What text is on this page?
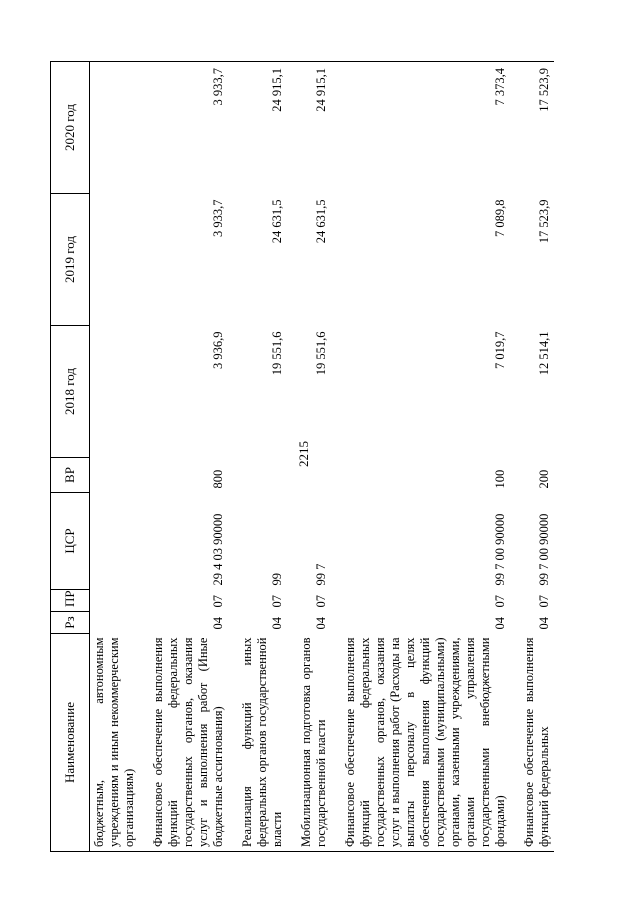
2215
Наименование	Рз	ПР	ЦСР	ВР	2018 год	2019 год	2020 год
бюджетным, автономным учреждениям и иным некоммерческим организациям)							

Финансовое обеспечение выполнения функций федеральных государственных органов, оказания услуг и выполнения работ (Иные бюджетные ассигнования)	04	07	29 4 03 90000	800	3 936,9	3 933,7	3 933,7

Реализация функций иных федеральных органов государственной власти	04	07	99		19 551,6	24 631,5	24 915,1

Мобилизационная подготовка органов государственной власти	04	07	99 7		19 551,6	24 631,5	24 915,1

Финансовое обеспечение выполнения функций федеральных государственных органов, оказания услуг и выполнения работ (Расходы на выплаты персоналу в целях обеспечения выполнения функций государственными (муниципальными) органами, казенными учреждениями, органами управления государственными внебюджетными фондами)	04	07	99 7 00 90000	100	7 019,7	7 089,8	7 373,4

Финансовое обеспечение выполнения функций федеральных	04	07	99 7 00 90000	200	12 514,1	17 523,9	17 523,9
